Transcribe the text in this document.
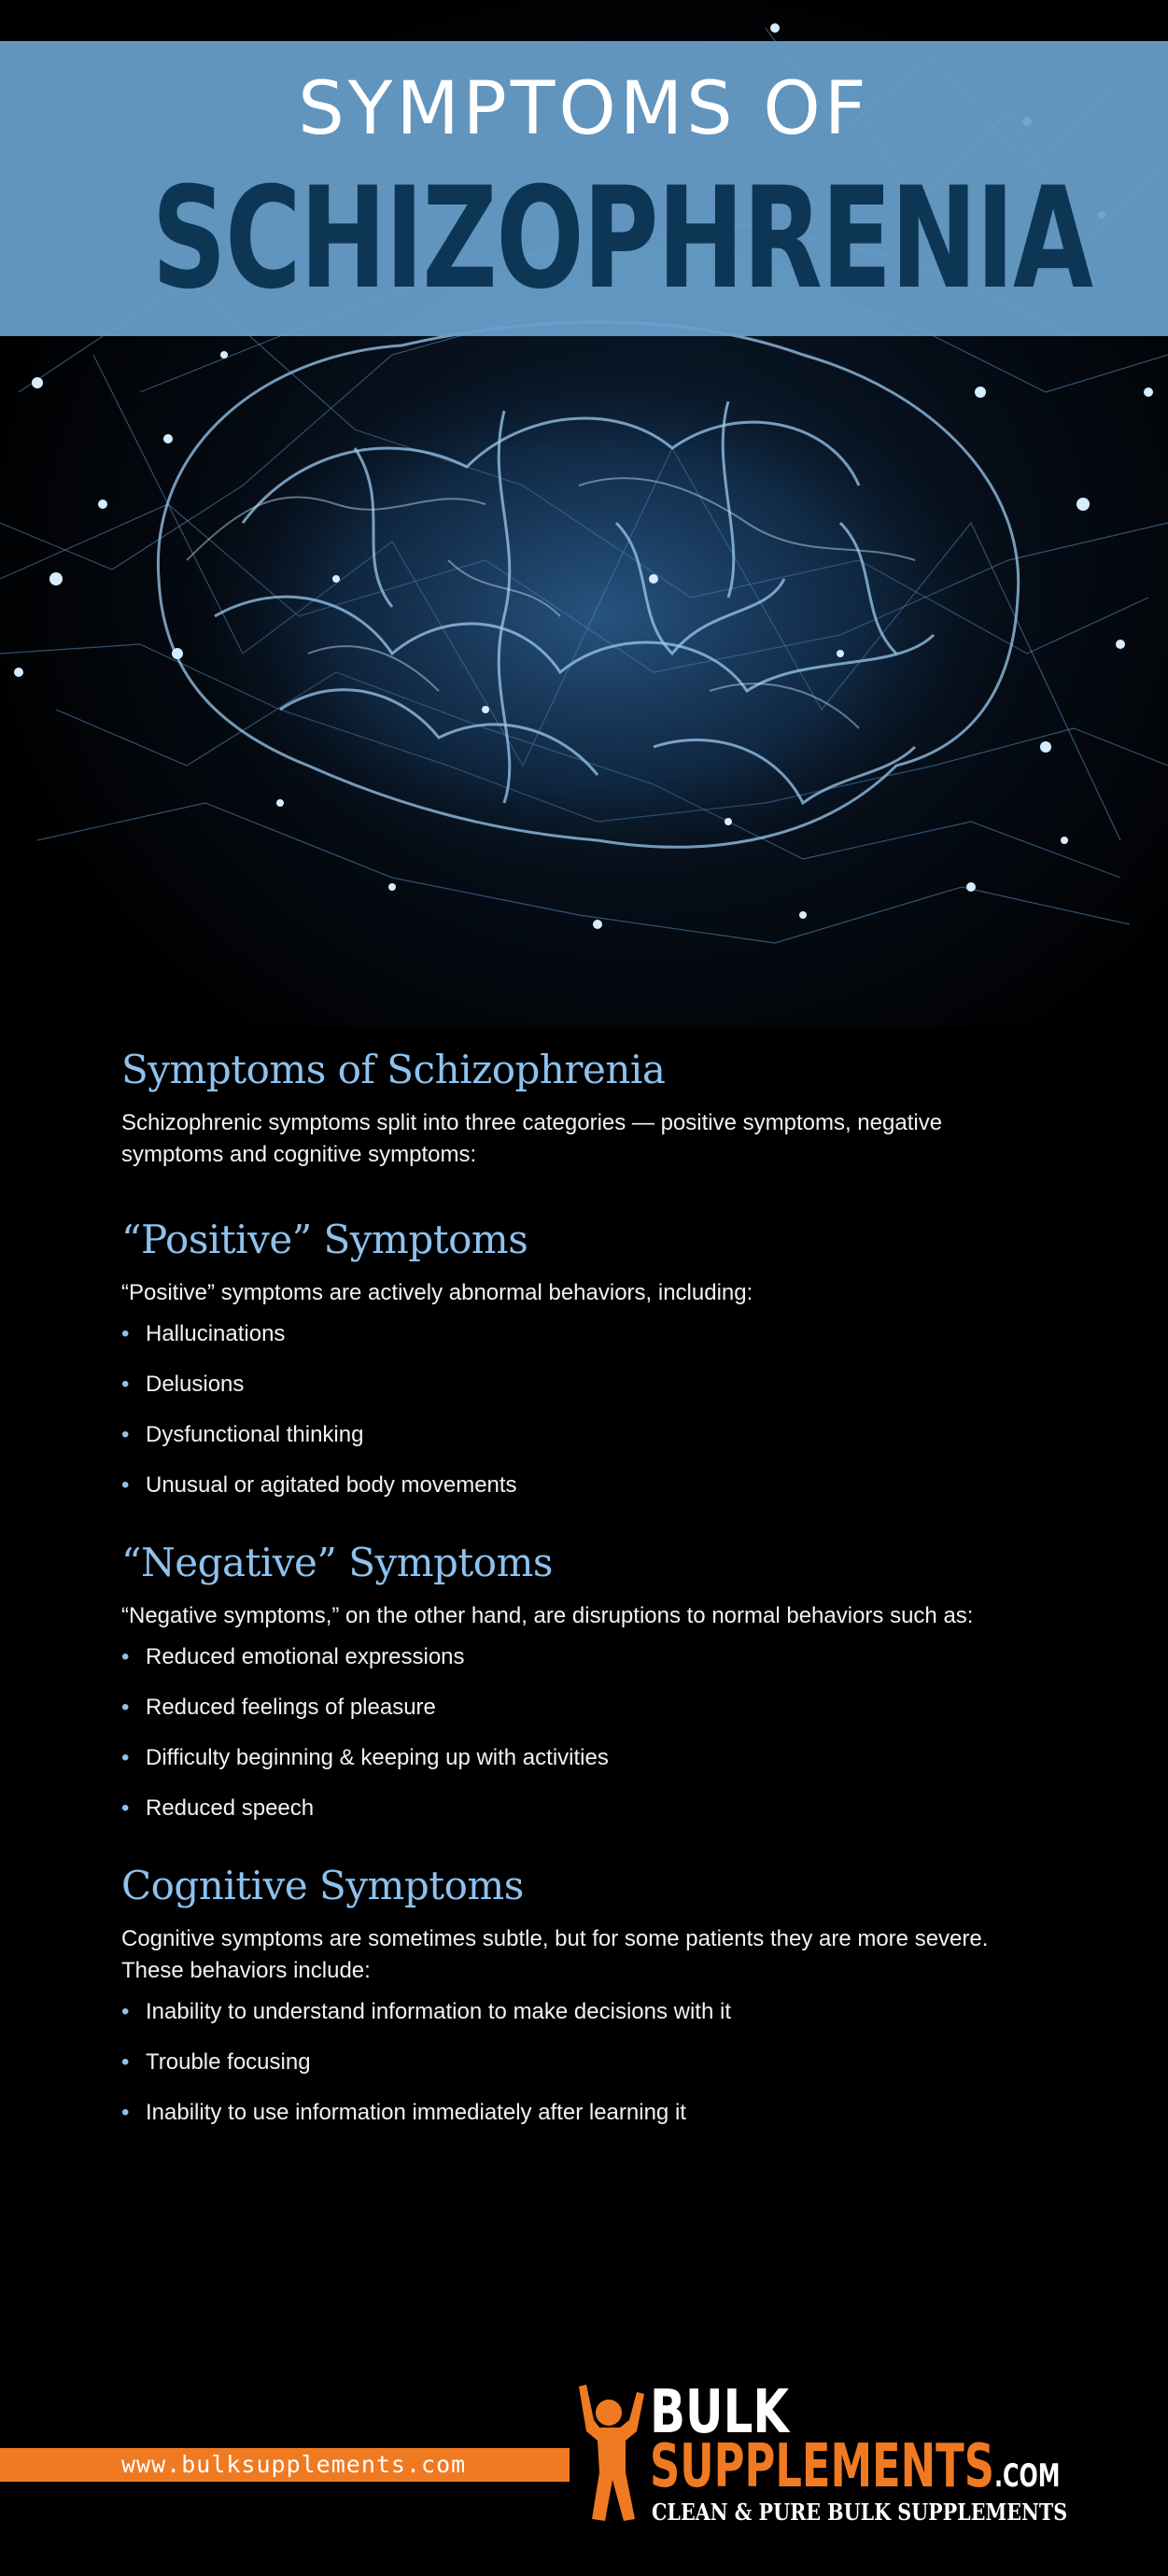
SYMPTOMS OF
SCHIZOPHRENIA
Symptoms of Schizophrenia

Schizophrenic symptoms split into three categories — positive symptoms, negative symptoms and cognitive symptoms:

“Positive” Symptoms

“Positive” symptoms are actively abnormal behaviors, including:

• Hallucinations
• Delusions
• Dysfunctional thinking
• Unusual or agitated body movements
“Negative” Symptoms

“Negative symptoms,” on the other hand, are disruptions to normal behaviors such as:

• Reduced emotional expressions
• Reduced feelings of pleasure
• Difficulty beginning & keeping up with activities
• Reduced speech
Cognitive Symptoms

Cognitive symptoms are sometimes subtle, but for some patients they are more severe. These behaviors include:

• Inability to understand information to make decisions with it
• Trouble focusing
• Inability to use information immediately after learning it
www.bulksupplements.com
BULK
SUPPLEMENTS.COM
CLEAN & PURE BULK SUPPLEMENTS
